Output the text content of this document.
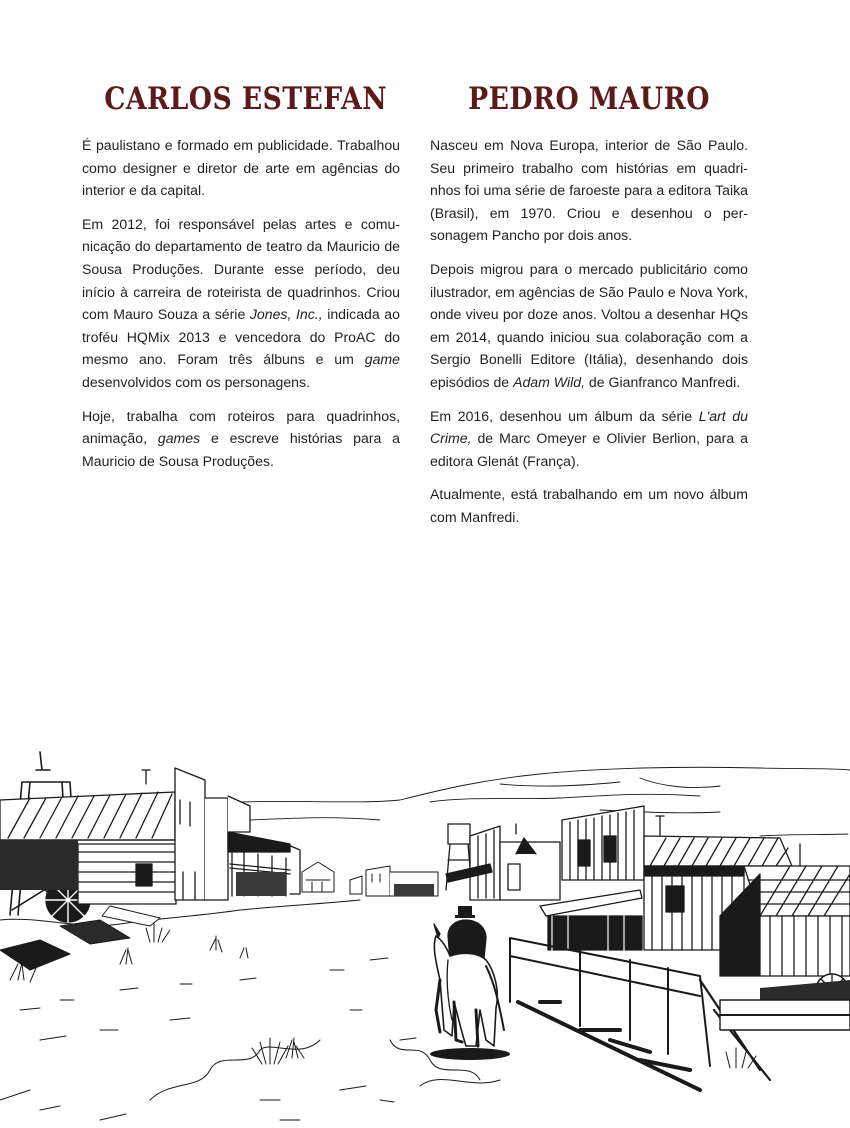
CARLOS ESTEFAN

É paulistano e formado em publicidade. Trabalhou como designer e diretor de arte em agências do interior e da capital.

Em 2012, foi responsável pelas artes e comunicação do departamento de teatro da Mauricio de Sousa Produções. Durante esse período, deu início à carreira de roteirista de quadrinhos. Criou com Mauro Souza a série Jones, Inc., indicada ao troféu HQMix 2013 e vencedora do ProAC do mesmo ano. Foram três álbuns e um game desenvolvidos com os personagens.

Hoje, trabalha com roteiros para quadrinhos, animação, games e escreve histórias para a Mauricio de Sousa Produções.

PEDRO MAURO

Nasceu em Nova Europa, interior de São Paulo. Seu primeiro trabalho com histórias em quadrinhos foi uma série de faroeste para a editora Taika (Brasil), em 1970. Criou e desenhou o personagem Pancho por dois anos.

Depois migrou para o mercado publicitário como ilustrador, em agências de São Paulo e Nova York, onde viveu por doze anos. Voltou a desenhar HQs em 2014, quando iniciou sua colaboração com a Sergio Bonelli Editore (Itália), desenhando dois episódios de Adam Wild, de Gianfranco Manfredi.

Em 2016, desenhou um álbum da série L'art du Crime, de Marc Omeyer e Olivier Berlion, para a editora Glenát (França).

Atualmente, está trabalhando em um novo álbum com Manfredi.
